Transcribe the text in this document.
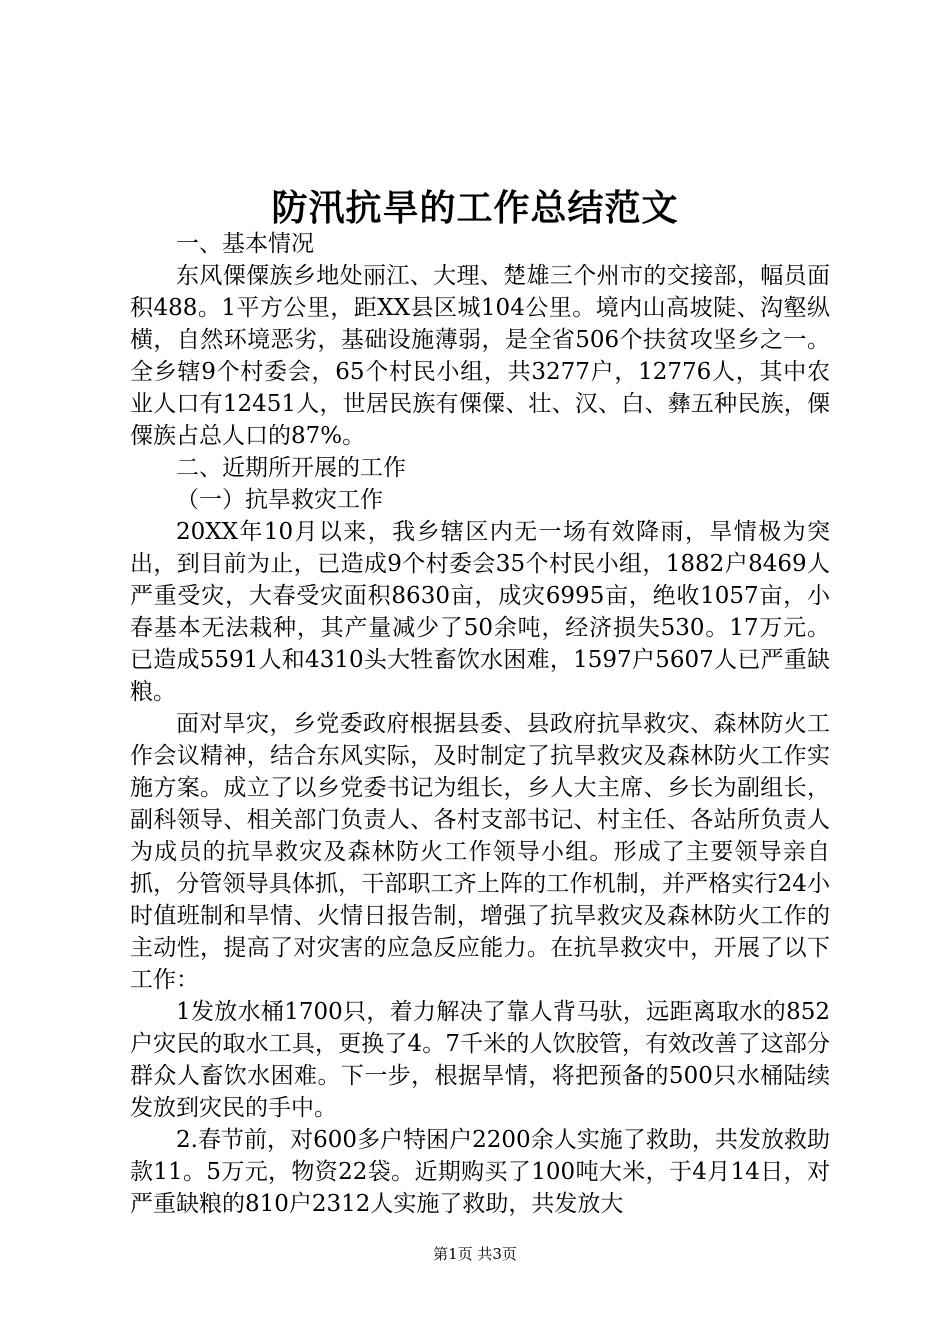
防汛抗旱的工作总结范文

一、基本情况

东风傈僳族乡地处丽江、大理、楚雄三个州市的交接部，幅员面积488。1平方公里，距XX县区城104公里。境内山高坡陡、沟壑纵横，自然环境恶劣，基础设施薄弱，是全省506个扶贫攻坚乡之一。全乡辖9个村委会，65个村民小组，共3277户，12776人，其中农业人口有12451人，世居民族有傈僳、壮、汉、白、彝五种民族，傈僳族占总人口的87%。

二、近期所开展的工作

（一）抗旱救灾工作

20XX年10月以来，我乡辖区内无一场有效降雨，旱情极为突出，到目前为止，已造成9个村委会35个村民小组，1882户8469人严重受灾，大春受灾面积8630亩，成灾6995亩，绝收1057亩，小春基本无法栽种，其产量减少了50余吨，经济损失530。17万元。已造成5591人和4310头大牲畜饮水困难，1597户5607人已严重缺粮。

面对旱灾，乡党委政府根据县委、县政府抗旱救灾、森林防火工作会议精神，结合东风实际，及时制定了抗旱救灾及森林防火工作实施方案。成立了以乡党委书记为组长，乡人大主席、乡长为副组长，副科领导、相关部门负责人、各村支部书记、村主任、各站所负责人为成员的抗旱救灾及森林防火工作领导小组。形成了主要领导亲自抓，分管领导具体抓，干部职工齐上阵的工作机制，并严格实行24小时值班制和旱情、火情日报告制，增强了抗旱救灾及森林防火工作的主动性，提高了对灾害的应急反应能力。在抗旱救灾中，开展了以下工作：

1发放水桶1700只，着力解决了靠人背马驮，远距离取水的852户灾民的取水工具，更换了4。7千米的人饮胶管，有效改善了这部分群众人畜饮水困难。下一步，根据旱情，将把预备的500只水桶陆续发放到灾民的手中。

2.春节前，对600多户特困户2200余人实施了救助，共发放救助款11。5万元，物资22袋。近期购买了100吨大米，于4月14日，对严重缺粮的810户2312人实施了救助，共发放大

第1页 共3页
